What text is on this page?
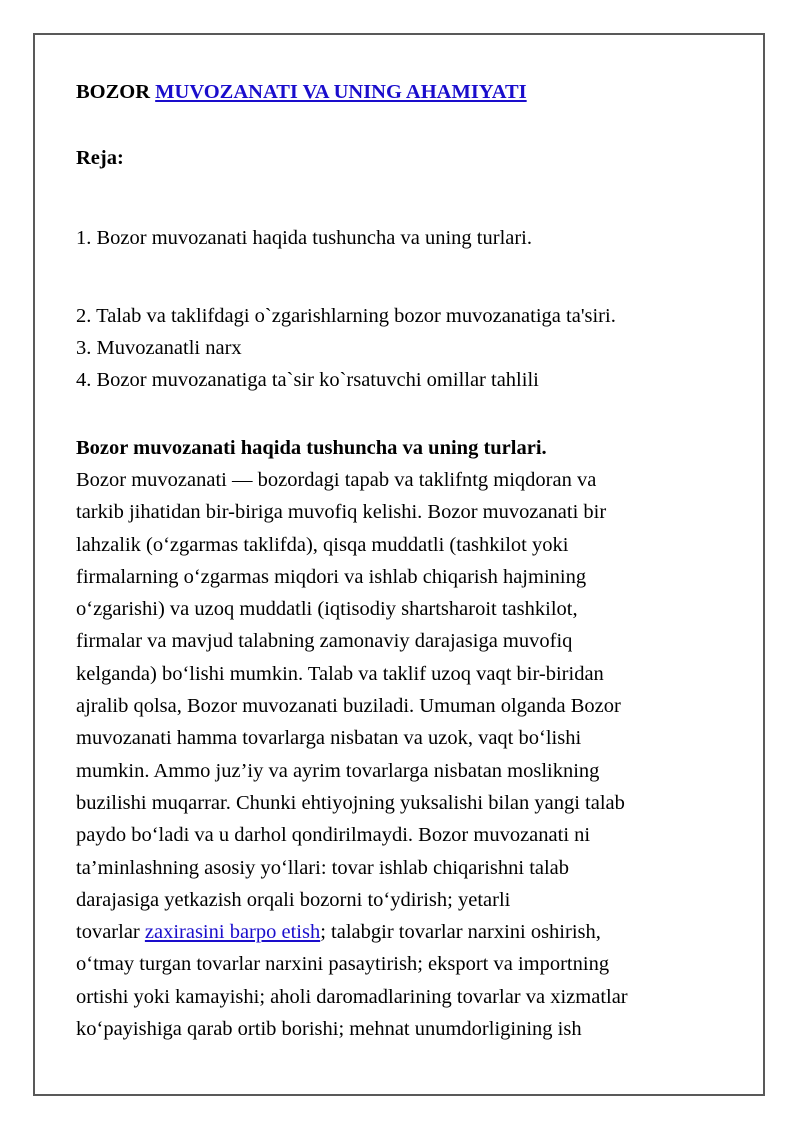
BOZOR MUVOZANATI VA UNING AHAMIYATI
Reja:
1. Bozor muvozanati haqida tushuncha va uning turlari.
2. Talab va taklifdagi o`zgarishlarning bozor muvozanatiga ta'siri.
3. Muvozanatli narx
4. Bozor muvozanatiga ta`sir ko`rsatuvchi omillar tahlili
Bozor muvozanati haqida tushuncha va uning turlari.
Bozor muvozanati — bozordagi tapab va taklifntg miqdoran va
tarkib jihatidan bir-biriga muvofiq kelishi. Bozor muvozanati bir
lahzalik (o‘zgarmas taklifda), qisqa muddatli (tashkilot yoki
firmalarning o‘zgarmas miqdori va ishlab chiqarish hajmining
o‘zgarishi) va uzoq muddatli (iqtisodiy shartsharoit tashkilot,
firmalar va mavjud talabning zamonaviy darajasiga muvofiq
kelganda) bo‘lishi mumkin. Talab va taklif uzoq vaqt bir-biridan
ajralib qolsa, Bozor muvozanati buziladi. Umuman olganda Bozor
muvozanati hamma tovarlarga nisbatan va uzok, vaqt bo‘lishi
mumkin. Ammo juz’iy va ayrim tovarlarga nisbatan moslikning
buzilishi muqarrar. Chunki ehtiyojning yuksalishi bilan yangi talab
paydo bo‘ladi va u darhol qondirilmaydi. Bozor muvozanati ni
ta’minlashning asosiy yo‘llari: tovar ishlab chiqarishni talab
darajasiga yetkazish orqali bozorni to‘ydirish; yetarli
tovarlar zaxirasini barpo etish; talabgir tovarlar narxini oshirish,
o‘tmay turgan tovarlar narxini pasaytirish; eksport va importning
ortishi yoki kamayishi; aholi daromadlarining tovarlar va xizmatlar
ko‘payishiga qarab ortib borishi; mehnat unumdorligining ish
